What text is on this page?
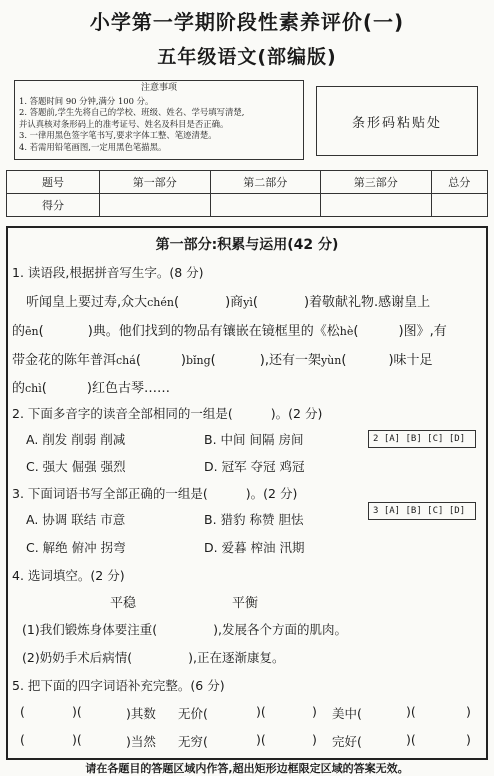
小学第一学期阶段性素养评价(一)
五年级语文(部编版)
注意事项
1. 答题时间 90 分钟,满分 100 分。
2. 答题前,学生先将自己的学校、班级、姓名、学号填写清楚,
并认真核对条形码上的准考证号、姓名及科目是否正确。
3. 一律用黑色签字笔书写,要求字体工整、笔迹清楚。
4. 若需用铅笔画图,一定用黑色笔描黑。
条形码粘贴处
题号	第一部分	第二部分	第三部分	总分
得分				
第一部分:积累与运用(42 分)
1. 读语段,根据拼音写生字。(8 分)
听闻皇上要过寿,众大chén(	)商yì(	)着敬献礼物.感谢皇上
的ēn(	)典。他们找到的物品有镶嵌在镜框里的《松hè(	)图》,有
带金花的陈年普洱chá(	)bǐng(	),还有一架yùn(	)味十足
的chì(	)红色古琴……
2. 下面多音字的读音全部相同的一组是(	)。(2 分)
A. 削发 削弱 削减	B. 中间 间隔 房间	2 [A] [B] [C] [D]
C. 强大 倔强 强烈	D. 冠军 夺冠 鸡冠
3. 下面词语书写全部正确的一组是(	)。(2 分)
A. 协调 联结 市意	B. 猎豹 称赞 胆怯
3 [A] [B] [C] [D]
C. 解绝 俯冲 拐弯	D. 爱暮 榨油 汛期
4. 选词填空。(2 分)
平稳	平衡
(1)我们锻炼身体要注重(	),发展各个方面的肌肉。
(2)奶奶手术后病情(	),正在逐渐康复。
5. 把下面的四字词语补充完整。(6 分)
(	)(	)其数 无价(	)(	) 美中(	)(	)
(	)(	)当然 无穷(	)(	) 完好(	)(	)
请在各题目的答题区域内作答,超出矩形边框限定区域的答案无效。
